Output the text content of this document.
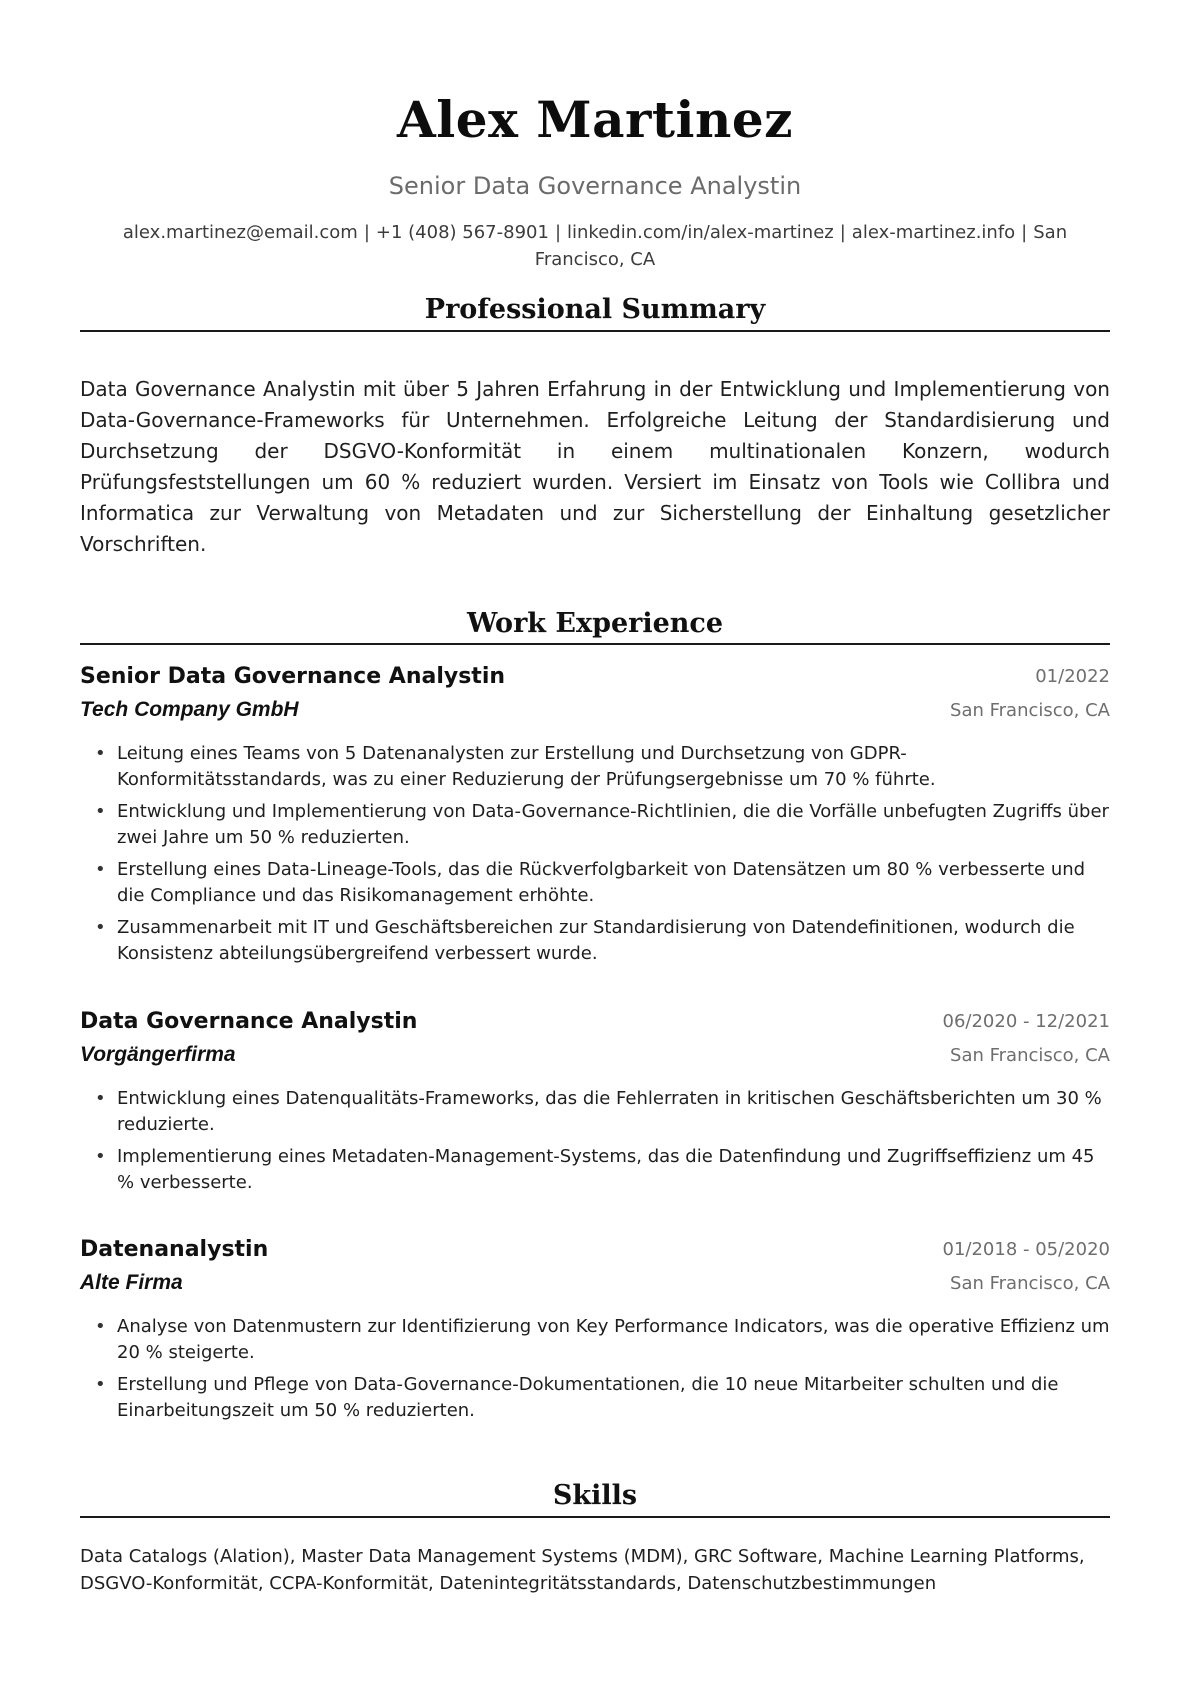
Alex Martinez
Senior Data Governance Analystin
alex.martinez@email.com | +1 (408) 567-8901 | linkedin.com/in/alex-martinez | alex-martinez.info | San Francisco, CA
Professional Summary
Data Governance Analystin mit über 5 Jahren Erfahrung in der Entwicklung und Implementierung von Data-Governance-Frameworks für Unternehmen. Erfolgreiche Leitung der Standardisierung und Durchsetzung der DSGVO-Konformität in einem multinationalen Konzern, wodurch Prüfungsfeststellungen um 60 % reduziert wurden. Versiert im Einsatz von Tools wie Collibra und Informatica zur Verwaltung von Metadaten und zur Sicherstellung der Einhaltung gesetzlicher Vorschriften.
Work Experience
Senior Data Governance Analystin	01/2022
Tech Company GmbH	San Francisco, CA
• Leitung eines Teams von 5 Datenanalysten zur Erstellung und Durchsetzung von GDPR-Konformitätsstandards, was zu einer Reduzierung der Prüfungsergebnisse um 70 % führte.
• Entwicklung und Implementierung von Data-Governance-Richtlinien, die die Vorfälle unbefugten Zugriffs über zwei Jahre um 50 % reduzierten.
• Erstellung eines Data-Lineage-Tools, das die Rückverfolgbarkeit von Datensätzen um 80 % verbesserte und die Compliance und das Risikomanagement erhöhte.
• Zusammenarbeit mit IT und Geschäftsbereichen zur Standardisierung von Datendefinitionen, wodurch die Konsistenz abteilungsübergreifend verbessert wurde.
Data Governance Analystin	06/2020 - 12/2021
Vorgängerfirma	San Francisco, CA
• Entwicklung eines Datenqualitäts-Frameworks, das die Fehlerraten in kritischen Geschäftsberichten um 30 % reduzierte.
• Implementierung eines Metadaten-Management-Systems, das die Datenfindung und Zugriffseffizienz um 45 % verbesserte.
Datenanalystin	01/2018 - 05/2020
Alte Firma	San Francisco, CA
• Analyse von Datenmustern zur Identifizierung von Key Performance Indicators, was die operative Effizienz um 20 % steigerte.
• Erstellung und Pflege von Data-Governance-Dokumentationen, die 10 neue Mitarbeiter schulten und die Einarbeitungszeit um 50 % reduzierten.
Skills
Data Catalogs (Alation), Master Data Management Systems (MDM), GRC Software, Machine Learning Platforms, DSGVO-Konformität, CCPA-Konformität, Datenintegritätsstandards, Datenschutzbestimmungen
